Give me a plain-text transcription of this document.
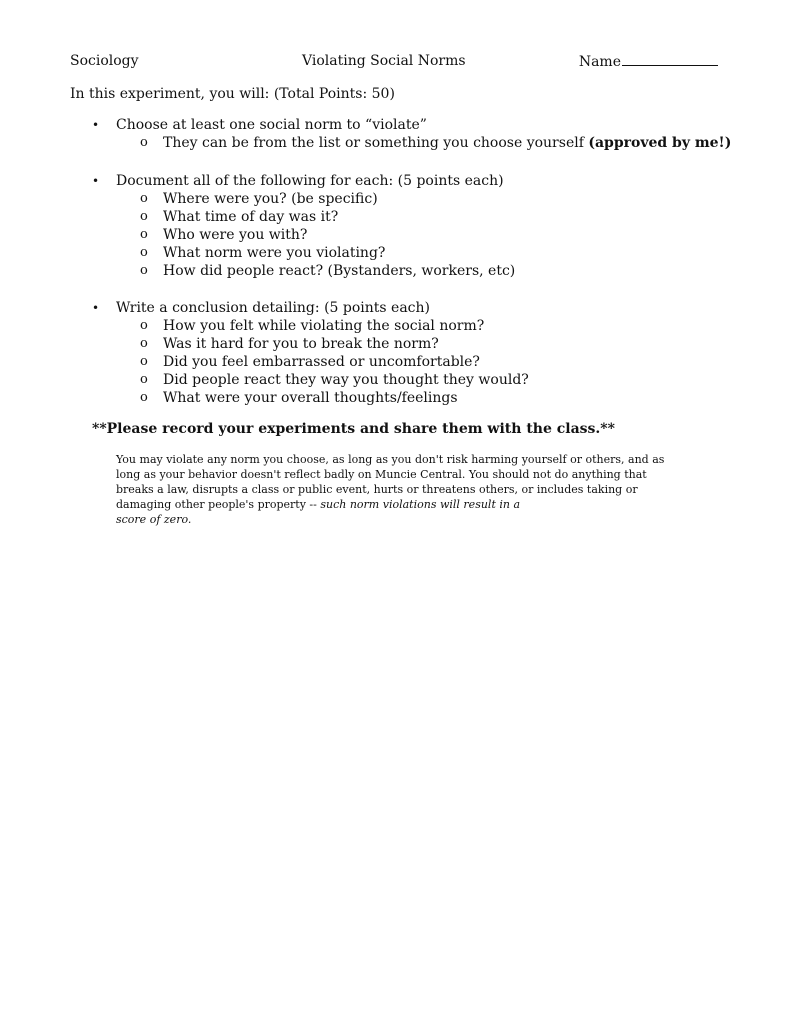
Sociology	Violating Social Norms	Name
In this experiment, you will: (Total Points: 50)
• Choose at least one social norm to “violate”
o They can be from the list or something you choose yourself (approved by me!)
• Document all of the following for each: (5 points each)
o Where were you? (be specific)
o What time of day was it?
o Who were you with?
o What norm were you violating?
o How did people react? (Bystanders, workers, etc)
• Write a conclusion detailing: (5 points each)
o How you felt while violating the social norm?
o Was it hard for you to break the norm?
o Did you feel embarrassed or uncomfortable?
o Did people react they way you thought they would?
o What were your overall thoughts/feelings
**Please record your experiments and share them with the class.**
You may violate any norm you choose, as long as you don't risk harming yourself or others, and as
long as your behavior doesn't reflect badly on Muncie Central. You should not do anything that
breaks a law, disrupts a class or public event, hurts or threatens others, or includes taking or
damaging other people's property -- such norm violations will result in a
score of zero.
